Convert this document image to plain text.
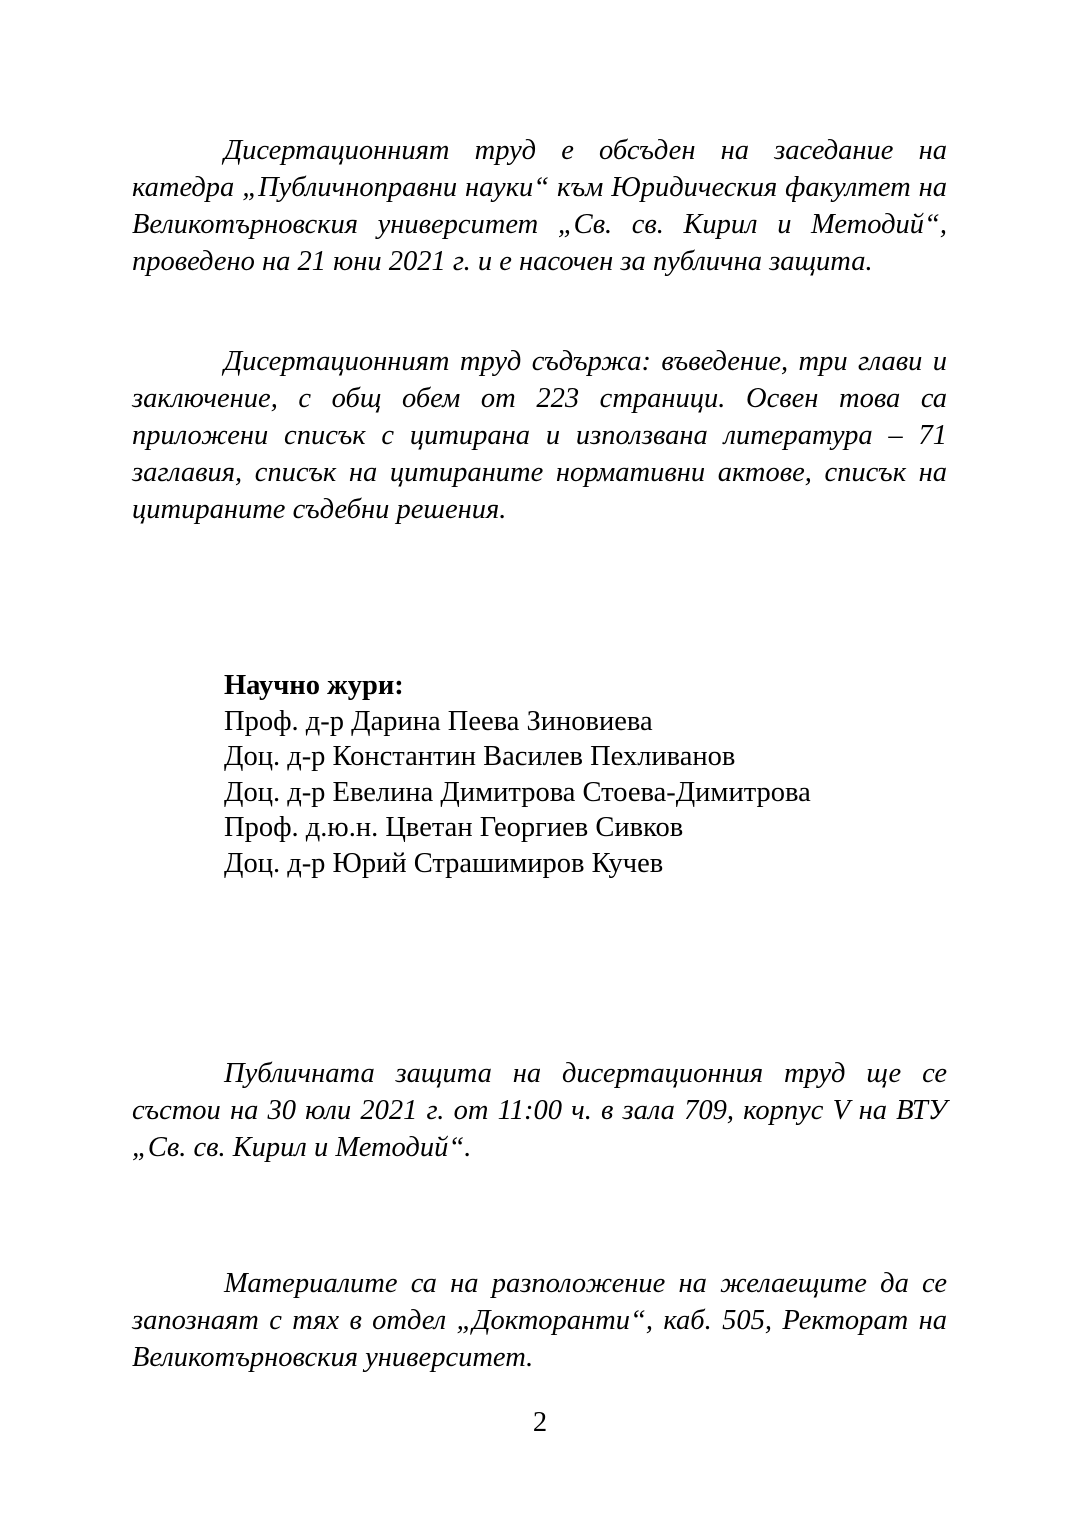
Дисертационният труд е обсъден на заседание на катедра „Публичноправни науки“ към Юридическия факултет на Великотърновския университет „Св. св. Кирил и Методий“, проведено на 21 юни 2021 г. и е насочен за публична защита.

Дисертационният труд съдържа: въведение, три глави и заключение, с общ обем от 223 страници. Освен това са приложени списък с цитирана и използвана литература – 71 заглавия, списък на цитираните нормативни актове, списък на цитираните съдебни решения.

Научно жури:
Проф. д-р Дарина Пеева Зиновиева
Доц. д-р Константин Василев Пехливанов
Доц. д-р Евелина Димитрова Стоева-Димитрова
Проф. д.ю.н. Цветан Георгиев Сивков
Доц. д-р Юрий Страшимиров Кучев

Публичната защита на дисертационния труд ще се състои на 30 юли 2021 г. от 11:00 ч. в зала 709, корпус V на ВТУ „Св. св. Кирил и Методий“.

Материалите са на разположение на желаещите да се запознаят с тях в отдел „Докторанти“, каб. 505, Ректорат на Великотърновския университет.

2
